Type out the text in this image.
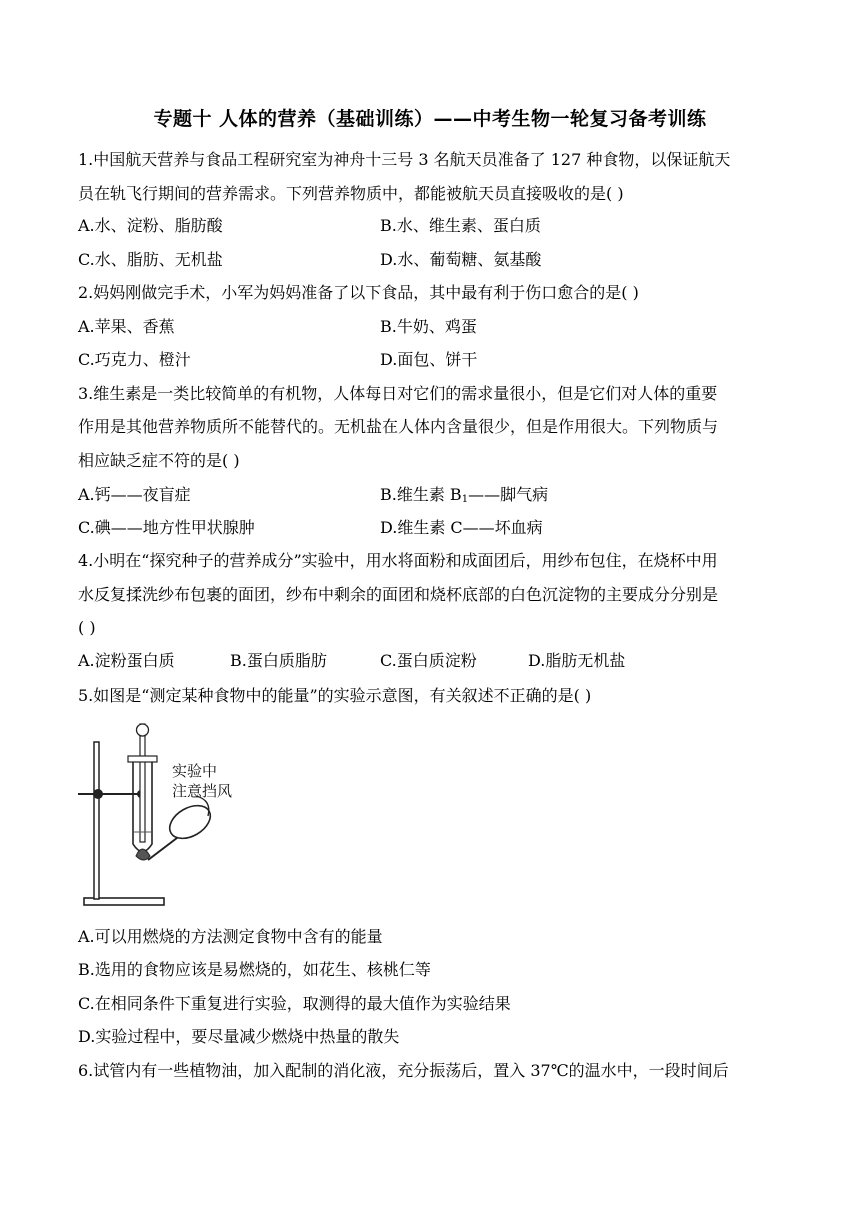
专题十 人体的营养（基础训练）——中考生物一轮复习备考训练
1.中国航天营养与食品工程研究室为神舟十三号 3 名航天员准备了 127 种食物，以保证航天
员在轨飞行期间的营养需求。下列营养物质中，都能被航天员直接吸收的是( )
A.水、淀粉、脂肪酸	B.水、维生素、蛋白质
C.水、脂肪、无机盐	D.水、葡萄糖、氨基酸
2.妈妈刚做完手术，小军为妈妈准备了以下食品，其中最有利于伤口愈合的是( )
A.苹果、香蕉	B.牛奶、鸡蛋
C.巧克力、橙汁	D.面包、饼干
3.维生素是一类比较简单的有机物，人体每日对它们的需求量很小，但是它们对人体的重要
作用是其他营养物质所不能替代的。无机盐在人体内含量很少，但是作用很大。下列物质与
相应缺乏症不符的是( )
A.钙——夜盲症	B.维生素 $B_1——$脚气病
C.碘——地方性甲状腺肿	D.维生素 C——坏血病
4.小明在“探究种子的营养成分”实验中，用水将面粉和成面团后，用纱布包住，在烧杯中用
水反复揉洗纱布包裹的面团，纱布中剩余的面团和烧杯底部的白色沉淀物的主要成分分别是
( )
A.淀粉蛋白质	B.蛋白质脂肪	C.蛋白质淀粉	D.脂肪无机盐
5.如图是“测定某种食物中的能量”的实验示意图，有关叙述不正确的是( )
实验中
注意挡风
A.可以用燃烧的方法测定食物中含有的能量
B.选用的食物应该是易燃烧的，如花生、核桃仁等
C.在相同条件下重复进行实验，取测得的最大值作为实验结果
D.实验过程中，要尽量减少燃烧中热量的散失
6.试管内有一些植物油，加入配制的消化液，充分振荡后，置入 37℃的温水中，一段时间后
